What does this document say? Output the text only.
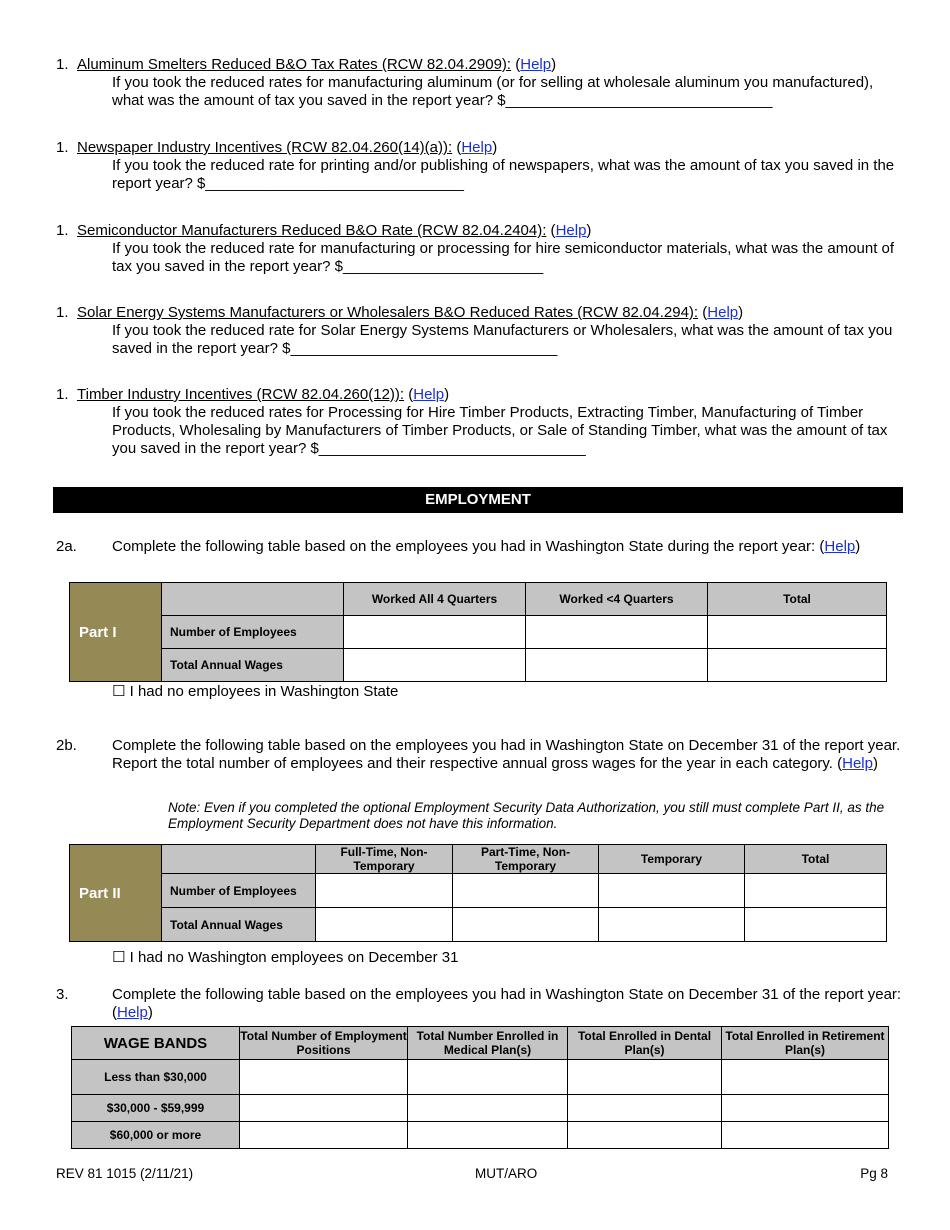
1. Aluminum Smelters Reduced B&O Tax Rates (RCW 82.04.2909): (Help)
If you took the reduced rates for manufacturing aluminum (or for selling at wholesale aluminum you manufactured), what was the amount of tax you saved in the report year? $________________________________
1. Newspaper Industry Incentives (RCW 82.04.260(14)(a)): (Help)
If you took the reduced rate for printing and/or publishing of newspapers, what was the amount of tax you saved in the report year? $_______________________________
1. Semiconductor Manufacturers Reduced B&O Rate (RCW 82.04.2404): (Help)
If you took the reduced rate for manufacturing or processing for hire semiconductor materials, what was the amount of tax you saved in the report year? $________________________
1. Solar Energy Systems Manufacturers or Wholesalers B&O Reduced Rates (RCW 82.04.294): (Help)
If you took the reduced rate for Solar Energy Systems Manufacturers or Wholesalers, what was the amount of tax you saved in the report year? $________________________________
1. Timber Industry Incentives (RCW 82.04.260(12)): (Help)
If you took the reduced rates for Processing for Hire Timber Products, Extracting Timber, Manufacturing of Timber Products, Wholesaling by Manufacturers of Timber Products, or Sale of Standing Timber, what was the amount of tax you saved in the report year? $________________________________
EMPLOYMENT
2a. Complete the following table based on the employees you had in Washington State during the report year: (Help)
Part I		Worked All 4 Quarters	Worked <4 Quarters	Total
	Number of Employees			
	Total Annual Wages			
☐ I had no employees in Washington State
2b. Complete the following table based on the employees you had in Washington State on December 31 of the report year. Report the total number of employees and their respective annual gross wages for the year in each category. (Help)
Note: Even if you completed the optional Employment Security Data Authorization, you still must complete Part II, as the Employment Security Department does not have this information.
Part II		Full-Time, Non-Temporary	Part-Time, Non-Temporary	Temporary	Total
	Number of Employees				
	Total Annual Wages				
☐ I had no Washington employees on December 31
3.	Complete the following table based on the employees you had in Washington State on December 31 of the report year: (Help)
WAGE BANDS	Total Number of Employment Positions	Total Number Enrolled in Medical Plan(s)	Total Enrolled in Dental Plan(s)	Total Enrolled in Retirement Plan(s)
Less than $30,000				
$30,000 - $59,999				
$60,000 or more				
REV 81 1015 (2/11/21)	MUT/ARO	Pg 8
